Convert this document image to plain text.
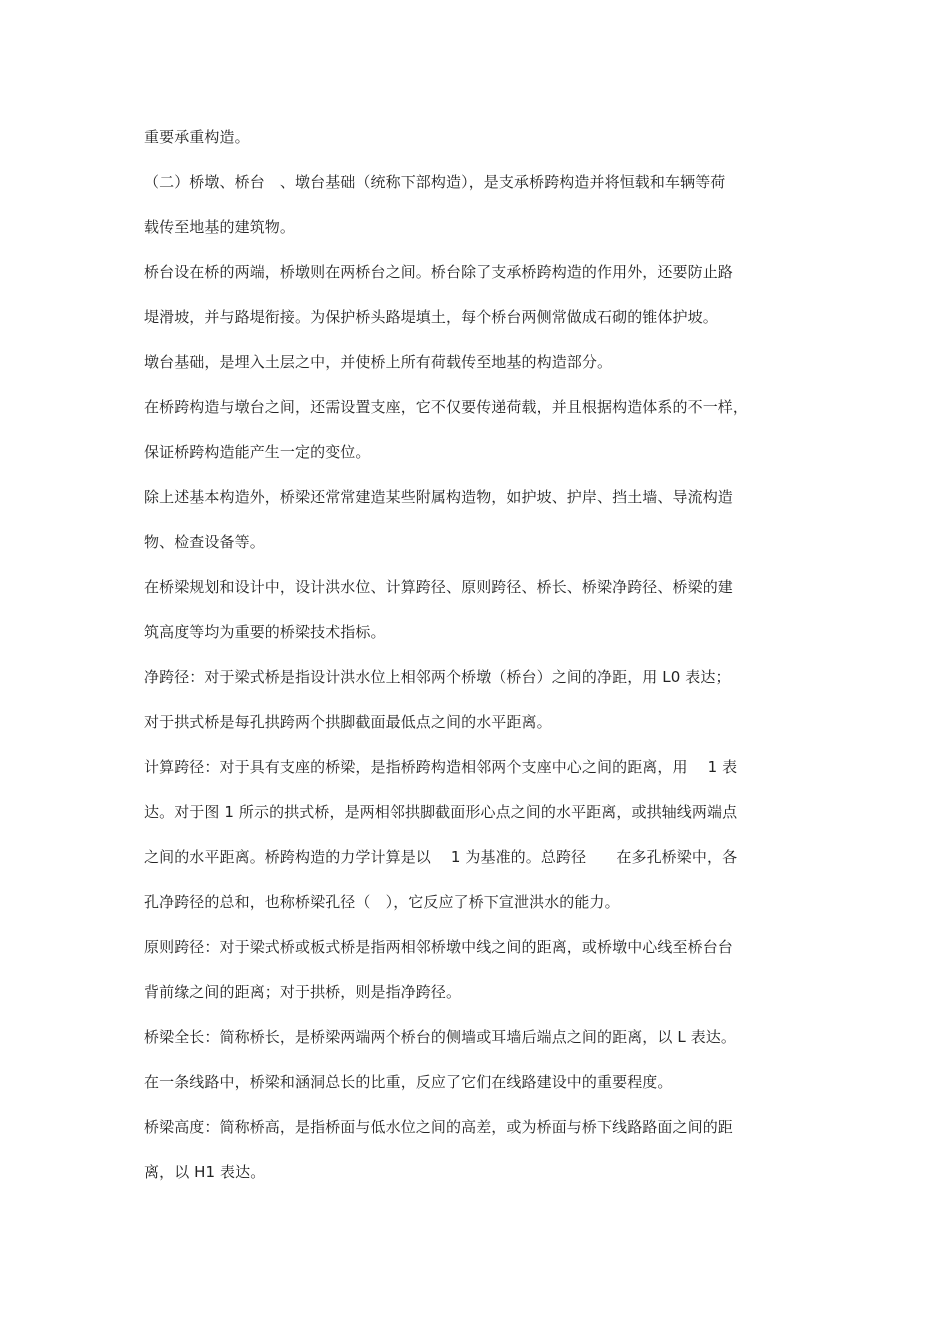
重要承重构造。
（二）桥墩、桥台　、墩台基础（统称下部构造），是支承桥跨构造并将恒载和车辆等荷
载传至地基的建筑物。
桥台设在桥的两端，桥墩则在两桥台之间。桥台除了支承桥跨构造的作用外，还要防止路
堤滑坡，并与路堤衔接。为保护桥头路堤填土，每个桥台两侧常做成石砌的锥体护坡。
墩台基础，是埋入土层之中，并使桥上所有荷载传至地基的构造部分。
在桥跨构造与墩台之间，还需设置支座，它不仅要传递荷载，并且根据构造体系的不一样，
保证桥跨构造能产生一定的变位。
除上述基本构造外，桥梁还常常建造某些附属构造物，如护坡、护岸、挡土墙、导流构造
物、检查设备等。
在桥梁规划和设计中，设计洪水位、计算跨径、原则跨径、桥长、桥梁净跨径、桥梁的建
筑高度等均为重要的桥梁技术指标。
净跨径：对于梁式桥是指设计洪水位上相邻两个桥墩（桥台）之间的净距，用 L0 表达；
对于拱式桥是每孔拱跨两个拱脚截面最低点之间的水平距离。
计算跨径：对于具有支座的桥梁，是指桥跨构造相邻两个支座中心之间的距离，用　 1 表
达。对于图 1 所示的拱式桥，是两相邻拱脚截面形心点之间的水平距离，或拱轴线两端点
之间的水平距离。桥跨构造的力学计算是以　 1 为基准的。总跨径　　在多孔桥梁中，各
孔净跨径的总和，也称桥梁孔径（　），它反应了桥下宣泄洪水的能力。
原则跨径：对于梁式桥或板式桥是指两相邻桥墩中线之间的距离，或桥墩中心线至桥台台
背前缘之间的距离；对于拱桥，则是指净跨径。
桥梁全长：简称桥长，是桥梁两端两个桥台的侧墙或耳墙后端点之间的距离，以 L 表达。
在一条线路中，桥梁和涵洞总长的比重，反应了它们在线路建设中的重要程度。
桥梁高度：简称桥高，是指桥面与低水位之间的高差，或为桥面与桥下线路路面之间的距
离，以 H1 表达。
